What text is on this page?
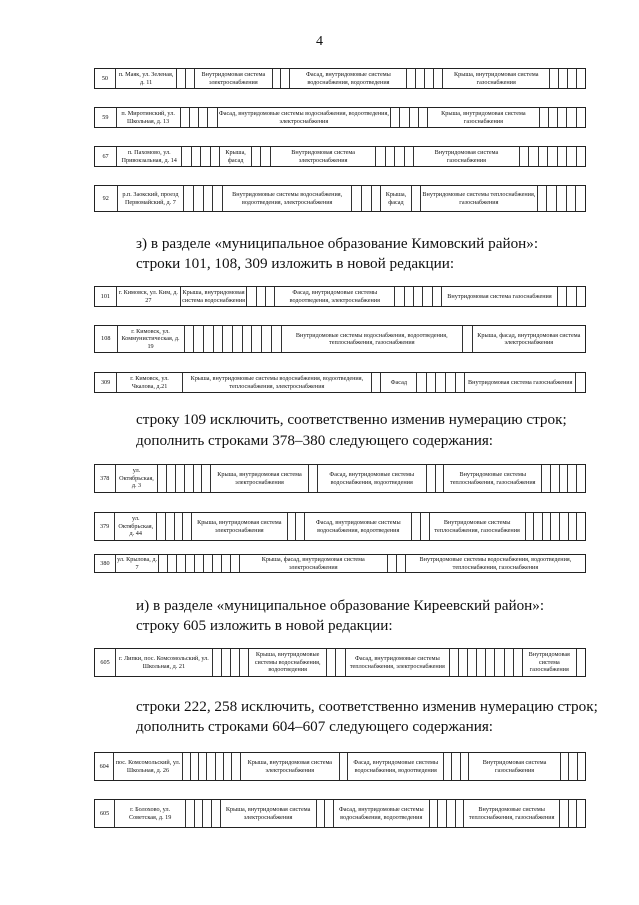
4
50
п. Маяк, ул. Зеленая, д. 11
Внутридомовая система электроснабжения
Фасад, внутридомовые системы водоснабжения, водоотведения
Крыша, внутридомовая система газоснабжения
59
п. Миротинский, ул. Школьная, д. 13
Фасад, внутридомовые системы водоснабжения, водоотведения, электроснабжения
Крыша, внутридомовая система газоснабжения
67
п. Пахомово, ул. Привокзальная, д. 14
Крыша, фасад
Внутридомовая система электроснабжения
Внутридомовая система газоснабжения
92
р.п. Заокский, проезд Первомайский, д. 7
Внутридомовые системы водоснабжения, водоотведения, электроснабжения
Крыша, фасад
Внутридомовые системы теплоснабжения, газоснабжения
з) в разделе «муниципальное образование Кимовский район»:
строки 101, 108, 309 изложить в новой редакции:
101
г. Кимовск, ул. Ким, д. 27
Крыша, внутридомовая система водоснабжения
Фасад, внутридомовые системы водоотведения, электроснабжения
Внутридомовая система газоснабжения
108
г. Кимовск, ул. Коммунистическая, д. 19
Внутридомовые системы водоснабжения, водоотведения, теплоснабжения, газоснабжения
Крыша, фасад, внутридомовая система электроснабжения
309
г. Кимовск, ул. Чкалова, д.21
Крыша, внутридомовые системы водоснабжения, водоотведения, теплоснабжения, электроснабжения
Фасад	Внутридомовая система газоснабжения
строку 109 исключить, соответственно изменив нумерацию строк;
дополнить строками 378–380 следующего содержания:
378
ул. Октябрьская, д. 3
Крыша, внутридомовая система электроснабжения
Фасад, внутридомовые системы водоснабжения, водоотведения
Внутридомовые системы теплоснабжения, газоснабжения
379
ул. Октябрьская, д. 44
Крыша, внутридомовая система электроснабжения
Фасад, внутридомовые системы водоснабжения, водоотведения
Внутридомовые системы теплоснабжения, газоснабжения
380
ул. Крылова, д. 7
Крыша, фасад, внутридомовая система электроснабжения
Внутридомовые системы водоснабжения, водоотведения, теплоснабжения, газоснабжения
и) в разделе «муниципальное образование Киреевский район»:
строку 605 изложить в новой редакции:
605
г. Липки, пос. Комсомольский, ул. Школьная, д. 21
Крыша, внутридомовые системы водоснабжения, водоотведения
Фасад, внутридомовые системы теплоснабжения, электроснабжения
Внутридомовая система газоснабжения
строки 222, 258 исключить, соответственно изменив нумерацию строк;
дополнить строками 604–607 следующего содержания:
604
пос. Комсомольский, ул. Школьная, д. 26
Крыша, внутридомовая система электроснабжения
Фасад, внутридомовые системы водоснабжения, водоотведения
Внутридомовая система газоснабжения
605
г. Болохово, ул. Советская, д. 19
Крыша, внутридомовая система электроснабжения
Фасад, внутридомовые системы водоснабжения, водоотведения
Внутридомовые системы теплоснабжения, газоснабжения
